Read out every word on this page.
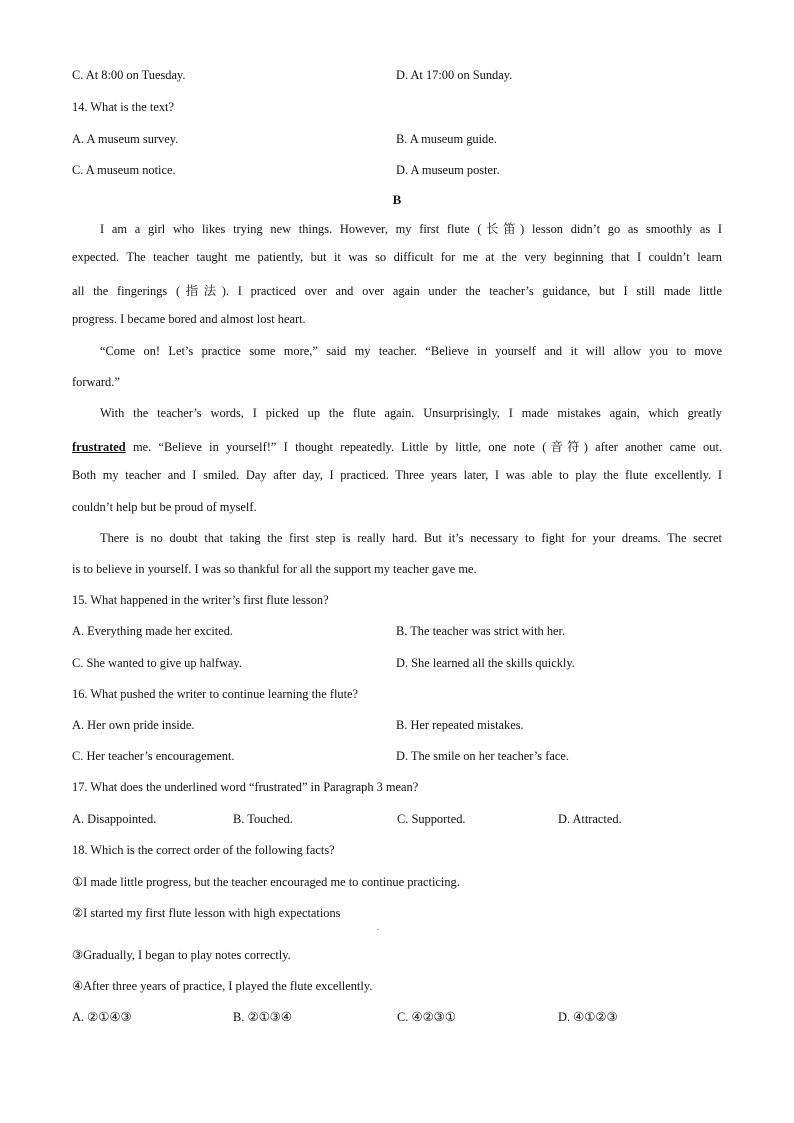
C. At 8:00 on Tuesday.	D. At 17:00 on Sunday.
14. What is the text?
A. A museum survey.	B. A museum guide.
C. A museum notice.	D. A museum poster.
B
I am a girl who likes trying new things. However, my first flute (长笛) lesson didn’t go as smoothly as I
expected. The teacher taught me patiently, but it was so difficult for me at the very beginning that I couldn’t learn
all the fingerings (指法). I practiced over and over again under the teacher’s guidance, but I still made little
progress. I became bored and almost lost heart.
“Come on! Let’s practice some more,” said my teacher. “Believe in yourself and it will allow you to move
forward.”
With the teacher’s words, I picked up the flute again. Unsurprisingly, I made mistakes again, which greatly
frustrated me. “Believe in yourself!” I thought repeatedly. Little by little, one note (音符) after another came out.
Both my teacher and I smiled. Day after day, I practiced. Three years later, I was able to play the flute excellently. I
couldn’t help but be proud of myself.
There is no doubt that taking the first step is really hard. But it’s necessary to fight for your dreams. The secret
is to believe in yourself. I was so thankful for all the support my teacher gave me.
15. What happened in the writer’s first flute lesson?
A. Everything made her excited.	B. The teacher was strict with her.
C. She wanted to give up halfway.	D. She learned all the skills quickly.
16. What pushed the writer to continue learning the flute?
A. Her own pride inside.	B. Her repeated mistakes.
C. Her teacher’s encouragement.	D. The smile on her teacher’s face.
17. What does the underlined word “frustrated” in Paragraph 3 mean?
A. Disappointed.	B. Touched.	C. Supported.	D. Attracted.
18. Which is the correct order of the following facts?
①I made little progress, but the teacher encouraged me to continue practicing.
②I started my first flute lesson with high expectations
.
③Gradually, I began to play notes correctly.
④After three years of practice, I played the flute excellently.
A. ②①④③	B. ②①③④	C. ④②③①	D. ④①②③
